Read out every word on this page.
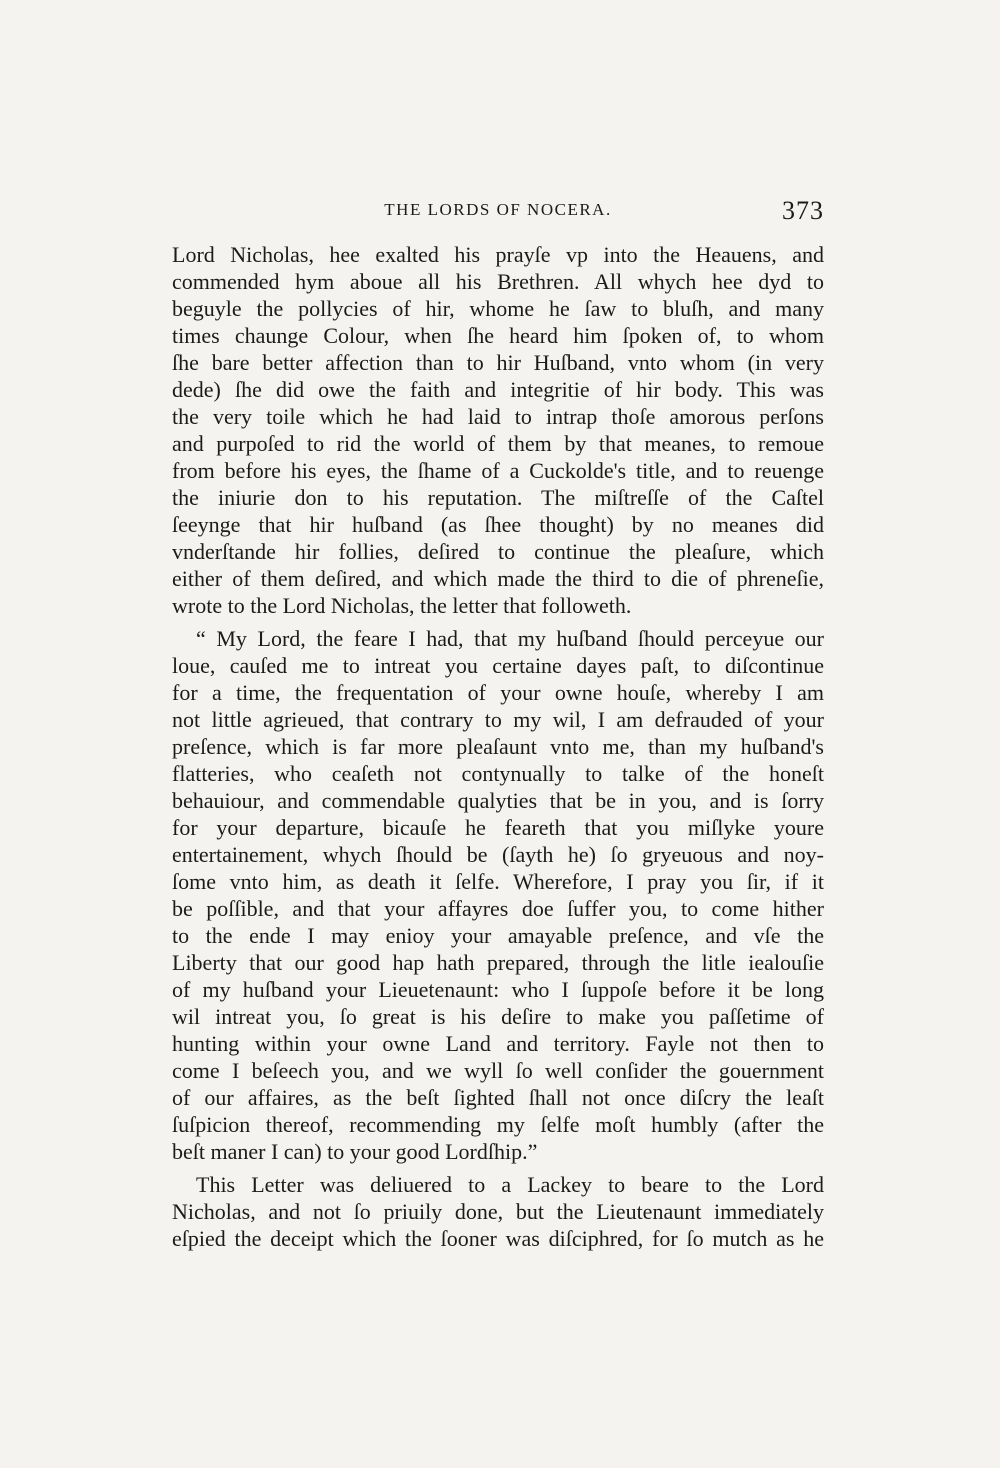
THE LORDS OF NOCERA.	373

Lord Nicholas, hee exalted his prayſe vp into the Heauens, and
commended hym aboue all his Brethren. All whych hee dyd to
beguyle the pollycies of hir, whome he ſaw to bluſh, and many
times chaunge Colour, when ſhe heard him ſpoken of, to whom
ſhe bare better affection than to hir Huſband, vnto whom (in very
dede) ſhe did owe the faith and integritie of hir body. This was
the very toile which he had laid to intrap thoſe amorous perſons
and purpoſed to rid the world of them by that meanes, to remoue
from before his eyes, the ſhame of a Cuckolde's title, and to reuenge
the iniurie don to his reputation. The miſtreſſe of the Caſtel
ſeeynge that hir huſband (as ſhee thought) by no meanes did
vnderſtande hir follies, deſired to continue the pleaſure, which
either of them deſired, and which made the third to die of phreneſie,
wrote to the Lord Nicholas, the letter that followeth.

“ My Lord, the feare I had, that my huſband ſhould perceyue our
loue, cauſed me to intreat you certaine dayes paſt, to diſcontinue
for a time, the frequentation of your owne houſe, whereby I am
not little agrieued, that contrary to my wil, I am defrauded of your
preſence, which is far more pleaſaunt vnto me, than my huſband's
flatteries, who ceaſeth not contynually to talke of the honeſt
behauiour, and commendable qualyties that be in you, and is ſorry
for your departure, bicauſe he feareth that you miſlyke youre
entertainement, whych ſhould be (ſayth he) ſo gryeuous and noy-
ſome vnto him, as death it ſelfe. Wherefore, I pray you ſir, if it
be poſſible, and that your affayres doe ſuffer you, to come hither
to the ende I may enioy your amayable preſence, and vſe the
Liberty that our good hap hath prepared, through the litle iealouſie
of my huſband your Lieuetenaunt: who I ſuppoſe before it be long
wil intreat you, ſo great is his deſire to make you paſſetime of
hunting within your owne Land and territory. Fayle not then to
come I beſeech you, and we wyll ſo well conſider the gouernment
of our affaires, as the beſt ſighted ſhall not once diſcry the leaſt
ſuſpicion thereof, recommending my ſelfe moſt humbly (after the
beſt maner I can) to your good Lordſhip.”

This Letter was deliuered to a Lackey to beare to the Lord
Nicholas, and not ſo priuily done, but the Lieutenaunt immediately
eſpied the deceipt which the ſooner was diſciphred, for ſo mutch as he
